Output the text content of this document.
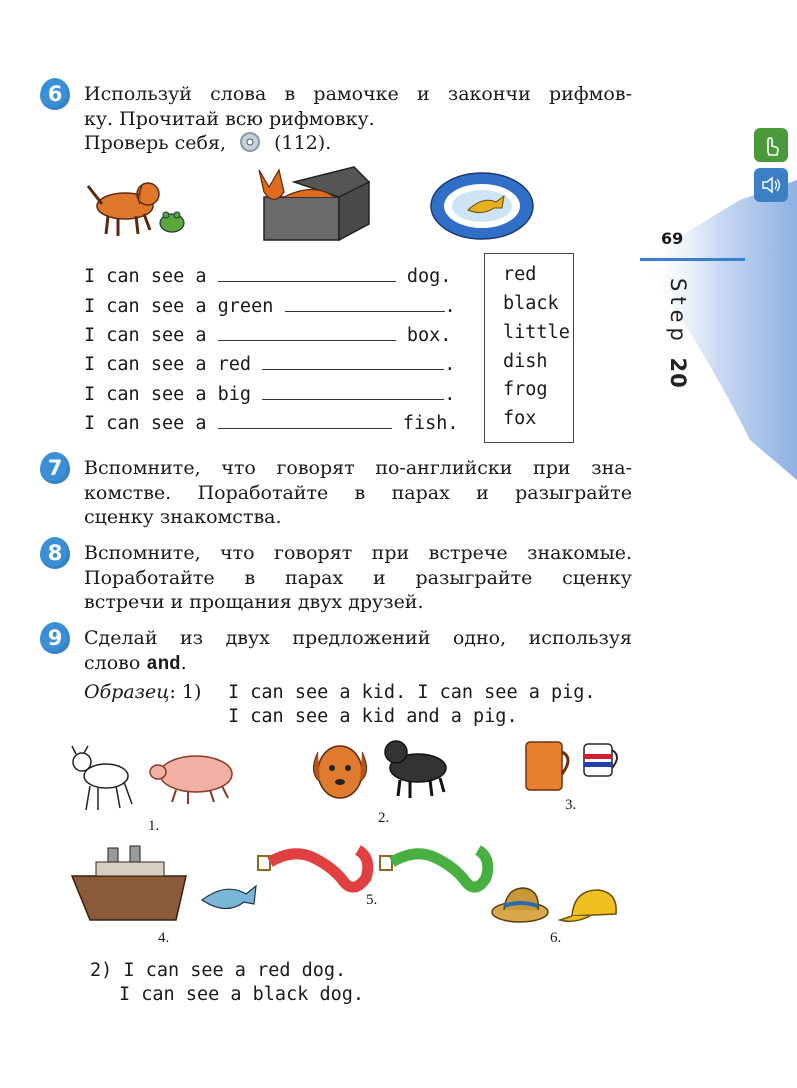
69
Step 20
6	Используй слова в рамочке и закончи рифмов-
ку. Прочитай всю рифмовку.
Проверь себя,	(112).
I can see a	dog.
I can see a green	.
I can see a	box.
I can see a red	.
I can see a big	.
I can see a	fish.
red
black
little
dish
frog
fox
7	Вспомните, что говорят по-английски при зна-
комстве. Поработайте в парах и разыграйте
сценку знакомства.
8	Вспомните, что говорят при встрече знакомые.
Поработайте в парах и разыграйте сценку
встречи и прощания двух друзей.
9	Сделай из двух предложений одно, используя
слово and.
Образец: 1) I can see a kid. I can see a pig.
I can see a kid and a pig.
1.	2.
3.
4.
5.
6.
2) I can see a red dog.
I can see a black dog.
